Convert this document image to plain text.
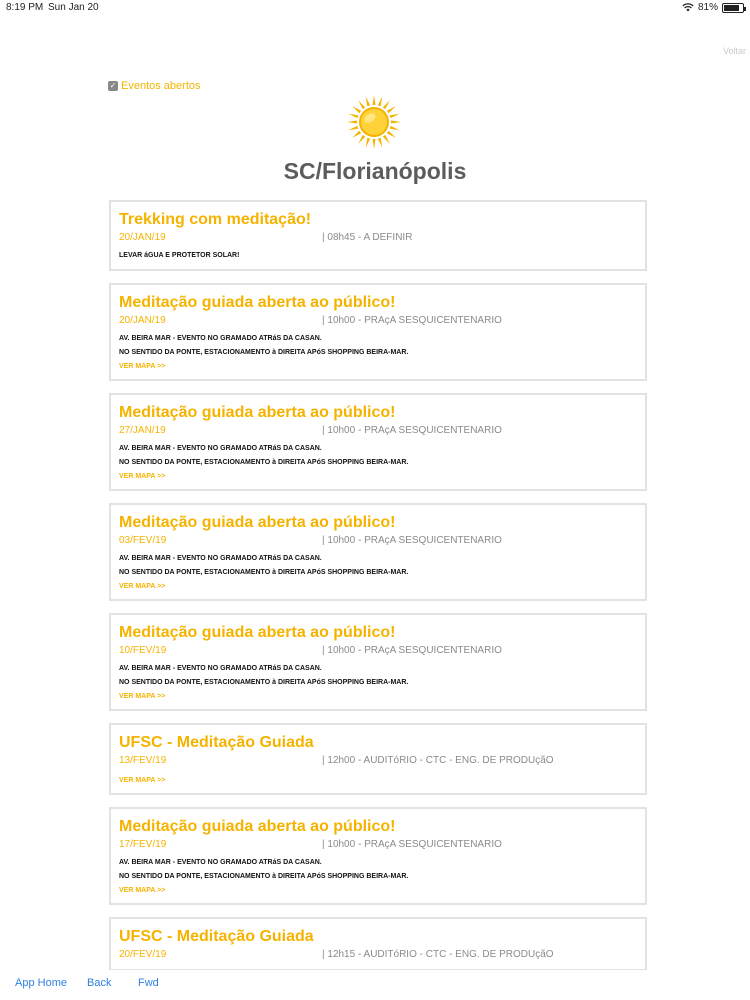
8:19 PM Sun Jan 20	81%
Voltar
✓ Eventos abertos
SC/Florianópolis
Trekking com meditação!
20/JAN/19	| 08h45 - A DEFINIR
LEVAR áGUA E PROTETOR SOLAR!
Meditação guiada aberta ao público!
20/JAN/19	| 10h00 - PRAçA SESQUICENTENARIO
AV. BEIRA MAR - EVENTO NO GRAMADO ATRáS DA CASAN.
NO SENTIDO DA PONTE, ESTACIONAMENTO à DIREITA APóS SHOPPING BEIRA-MAR.
VER MAPA >>
Meditação guiada aberta ao público!
27/JAN/19	| 10h00 - PRAçA SESQUICENTENARIO
AV. BEIRA MAR - EVENTO NO GRAMADO ATRáS DA CASAN.
NO SENTIDO DA PONTE, ESTACIONAMENTO à DIREITA APóS SHOPPING BEIRA-MAR.
VER MAPA >>
Meditação guiada aberta ao público!
03/FEV/19	| 10h00 - PRAçA SESQUICENTENARIO
AV. BEIRA MAR - EVENTO NO GRAMADO ATRáS DA CASAN.
NO SENTIDO DA PONTE, ESTACIONAMENTO à DIREITA APóS SHOPPING BEIRA-MAR.
VER MAPA >>
Meditação guiada aberta ao público!
10/FEV/19	| 10h00 - PRAçA SESQUICENTENARIO
AV. BEIRA MAR - EVENTO NO GRAMADO ATRáS DA CASAN.
NO SENTIDO DA PONTE, ESTACIONAMENTO à DIREITA APóS SHOPPING BEIRA-MAR.
VER MAPA >>
UFSC - Meditação Guiada
13/FEV/19	| 12h00 - AUDITóRIO - CTC - ENG. DE PRODUçãO
VER MAPA >>
Meditação guiada aberta ao público!
17/FEV/19	| 10h00 - PRAçA SESQUICENTENARIO
AV. BEIRA MAR - EVENTO NO GRAMADO ATRáS DA CASAN.
NO SENTIDO DA PONTE, ESTACIONAMENTO à DIREITA APóS SHOPPING BEIRA-MAR.
VER MAPA >>
UFSC - Meditação Guiada
20/FEV/19	| 12h15 - AUDITóRIO - CTC - ENG. DE PRODUçãO
App Home Back Fwd
